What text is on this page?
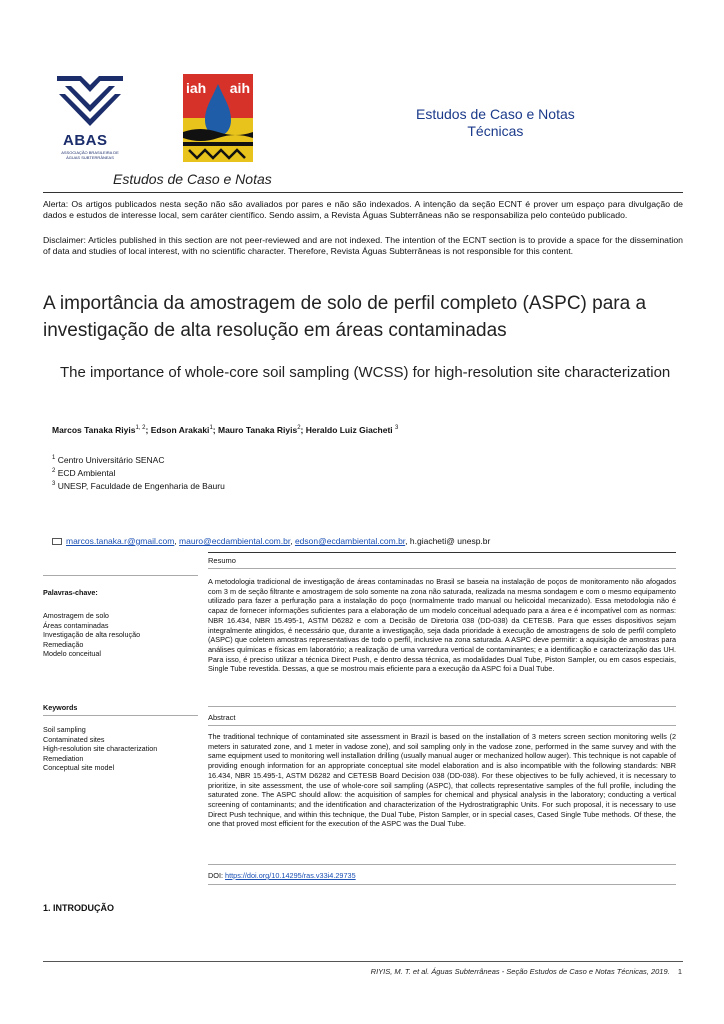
ABAS
ASSOCIAÇÃO BRASILEIRA DE ÁGUAS SUBTERRÂNEAS
iah aih
Estudos de Caso e Notas
Estudos de Caso e Notas
Técnicas
Alerta: Os artigos publicados nesta seção não são avaliados por pares e não são indexados. A intenção da seção ECNT é prover um espaço para divulgação de dados e estudos de interesse local, sem caráter científico. Sendo assim, a Revista Águas Subterrâneas não se responsabiliza pelo conteúdo publicado.
Disclaimer: Articles published in this section are not peer-reviewed and are not indexed. The intention of the ECNT section is to provide a space for the dissemination of data and studies of local interest, with no scientific character. Therefore, Revista Águas Subterrâneas is not responsible for this content.
A importância da amostragem de solo de perfil completo (ASPC) para a investigação de alta resolução em áreas contaminadas
The importance of whole-core soil sampling (WCSS) for high-resolution site characterization
Marcos Tanaka Riyis$^{1, 2}$; Edson Arakaki$^1$; Mauro Tanaka Riyis$^2$; Heraldo Luiz Giacheti $^3$
$^1$ Centro Universitário SENAC
$^2$ ECD Ambiental
$^3$ UNESP, Faculdade de Engenharia de Bauru
marcos.tanaka.r@gmail.com, mauro@ecdambiental.com.br, edson@ecdambiental.com.br, h.giacheti@ unesp.br
Resumo
A metodologia tradicional de investigação de áreas contaminadas no Brasil se baseia na instalação de poços de monitoramento não afogados com 3 m de seção filtrante e amostragem de solo somente na zona não saturada, realizada na mesma sondagem e com o mesmo equipamento utilizado para fazer a perfuração para a instalação do poço (normalmente trado manual ou helicoidal mecanizado). Essa metodologia não é capaz de fornecer informações suficientes para a elaboração de um modelo conceitual adequado para a área e é incompatível com as normas: NBR 16.434, NBR 15.495-1, ASTM D6282 e com a Decisão de Diretoria 038 (DD-038) da CETESB. Para que esses dispositivos sejam integralmente atingidos, é necessário que, durante a investigação, seja dada prioridade à execução de amostragens de solo de perfil completo (ASPC) que coletem amostras representativas de todo o perfil, inclusive na zona saturada. A ASPC deve permitir: a aquisição de amostras para análises químicas e físicas em laboratório; a realização de uma varredura vertical de contaminantes; e a identificação e caracterização das UH. Para isso, é preciso utilizar a técnica Direct Push, e dentro dessa técnica, as modalidades Dual Tube, Piston Sampler, ou em casos especiais, Single Tube revestida. Dessas, a que se mostrou mais eficiente para a execução da ASPC foi a Dual Tube.
Palavras-chave:
Amostragem de solo
Áreas contaminadas
Investigação de alta resolução
Remediação
Modelo conceitual
Keywords
Soil sampling
Contaminated sites
High-resolution site characterization
Remediation
Conceptual site model
Abstract
The traditional technique of contaminated site assessment in Brazil is based on the installation of 3 meters screen section monitoring wells (2 meters in saturated zone, and 1 meter in vadose zone), and soil sampling only in the vadose zone, performed in the same survey and with the same equipment used to monitoring well installation drilling (usually manual auger or mechanized hollow auger). This technique is not capable of providing enough information for an appropriate conceptual site model elaboration and is also incompatible with the following standards: NBR 16.434, NBR 15.495-1, ASTM D6282 and CETESB Board Decision 038 (DD-038). For these objectives to be fully achieved, it is necessary to prioritize, in site assessment, the use of whole-core soil sampling (ASPC), that collects representative samples of the full profile, including the saturated zone. The ASPC should allow: the acquisition of samples for chemical and physical analysis in the laboratory; conducting a vertical screening of contaminants; and the identification and characterization of the Hydrostratigraphic Units. For such proposal, it is necessary to use Direct Push technique, and within this technique, the Dual Tube, Piston Sampler, or in special cases, Cased Single Tube methods. Of these, the one that proved most efficient for the execution of the ASPC was the Dual Tube.
DOI: https://doi.org/10.14295/ras.v33i4.29735
1. INTRODUÇÃO
RIYIS, M. T. et al. Águas Subterrâneas - Seção Estudos de Caso e Notas Técnicas, 2019. 1
